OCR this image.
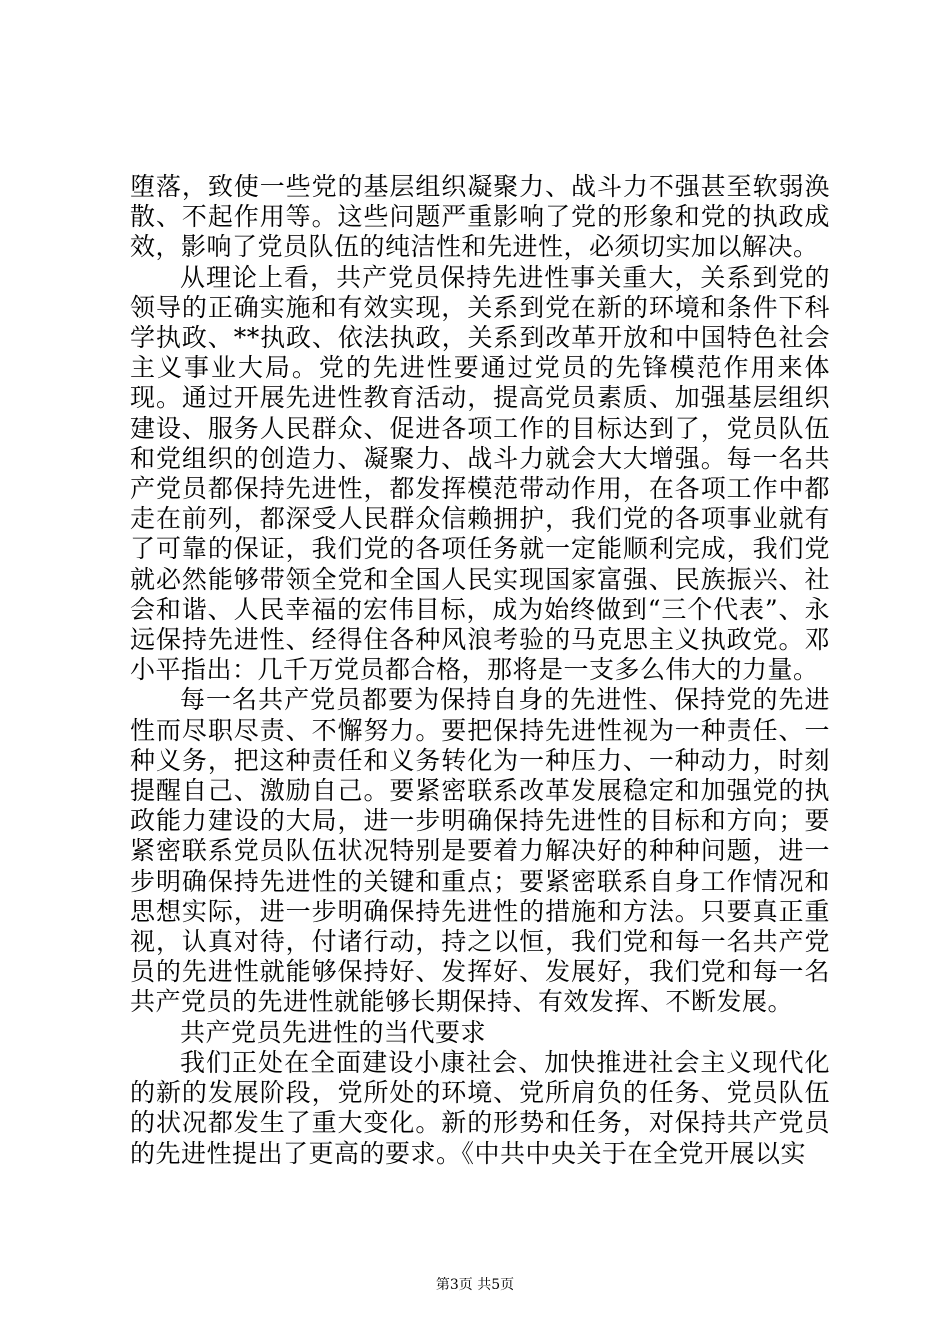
堕落，致使一些党的基层组织凝聚力、战斗力不强甚至软弱涣散、不起作用等。这些问题严重影响了党的形象和党的执政成效，影响了党员队伍的纯洁性和先进性，必须切实加以解决。

从理论上看，共产党员保持先进性事关重大，关系到党的领导的正确实施和有效实现，关系到党在新的环境和条件下科学执政、**执政、依法执政，关系到改革开放和中国特色社会主义事业大局。党的先进性要通过党员的先锋模范作用来体现。通过开展先进性教育活动，提高党员素质、加强基层组织建设、服务人民群众、促进各项工作的目标达到了，党员队伍和党组织的创造力、凝聚力、战斗力就会大大增强。每一名共产党员都保持先进性，都发挥模范带动作用，在各项工作中都走在前列，都深受人民群众信赖拥护，我们党的各项事业就有了可靠的保证，我们党的各项任务就一定能顺利完成，我们党就必然能够带领全党和全国人民实现国家富强、民族振兴、社会和谐、人民幸福的宏伟目标，成为始终做到“三个代表”、永远保持先进性、经得住各种风浪考验的马克思主义执政党。邓小平指出：几千万党员都合格，那将是一支多么伟大的力量。

每一名共产党员都要为保持自身的先进性、保持党的先进性而尽职尽责、不懈努力。要把保持先进性视为一种责任、一种义务，把这种责任和义务转化为一种压力、一种动力，时刻提醒自己、激励自己。要紧密联系改革发展稳定和加强党的执政能力建设的大局，进一步明确保持先进性的目标和方向；要紧密联系党员队伍状况特别是要着力解决好的种种问题，进一步明确保持先进性的关键和重点；要紧密联系自身工作情况和思想实际，进一步明确保持先进性的措施和方法。只要真正重视，认真对待，付诸行动，持之以恒，我们党和每一名共产党员的先进性就能够保持好、发挥好、发展好，我们党和每一名共产党员的先进性就能够长期保持、有效发挥、不断发展。

共产党员先进性的当代要求

我们正处在全面建设小康社会、加快推进社会主义现代化的新的发展阶段，党所处的环境、党所肩负的任务、党员队伍的状况都发生了重大变化。新的形势和任务，对保持共产党员的先进性提出了更高的要求。《中共中央关于在全党开展以实

第3页 共5页
